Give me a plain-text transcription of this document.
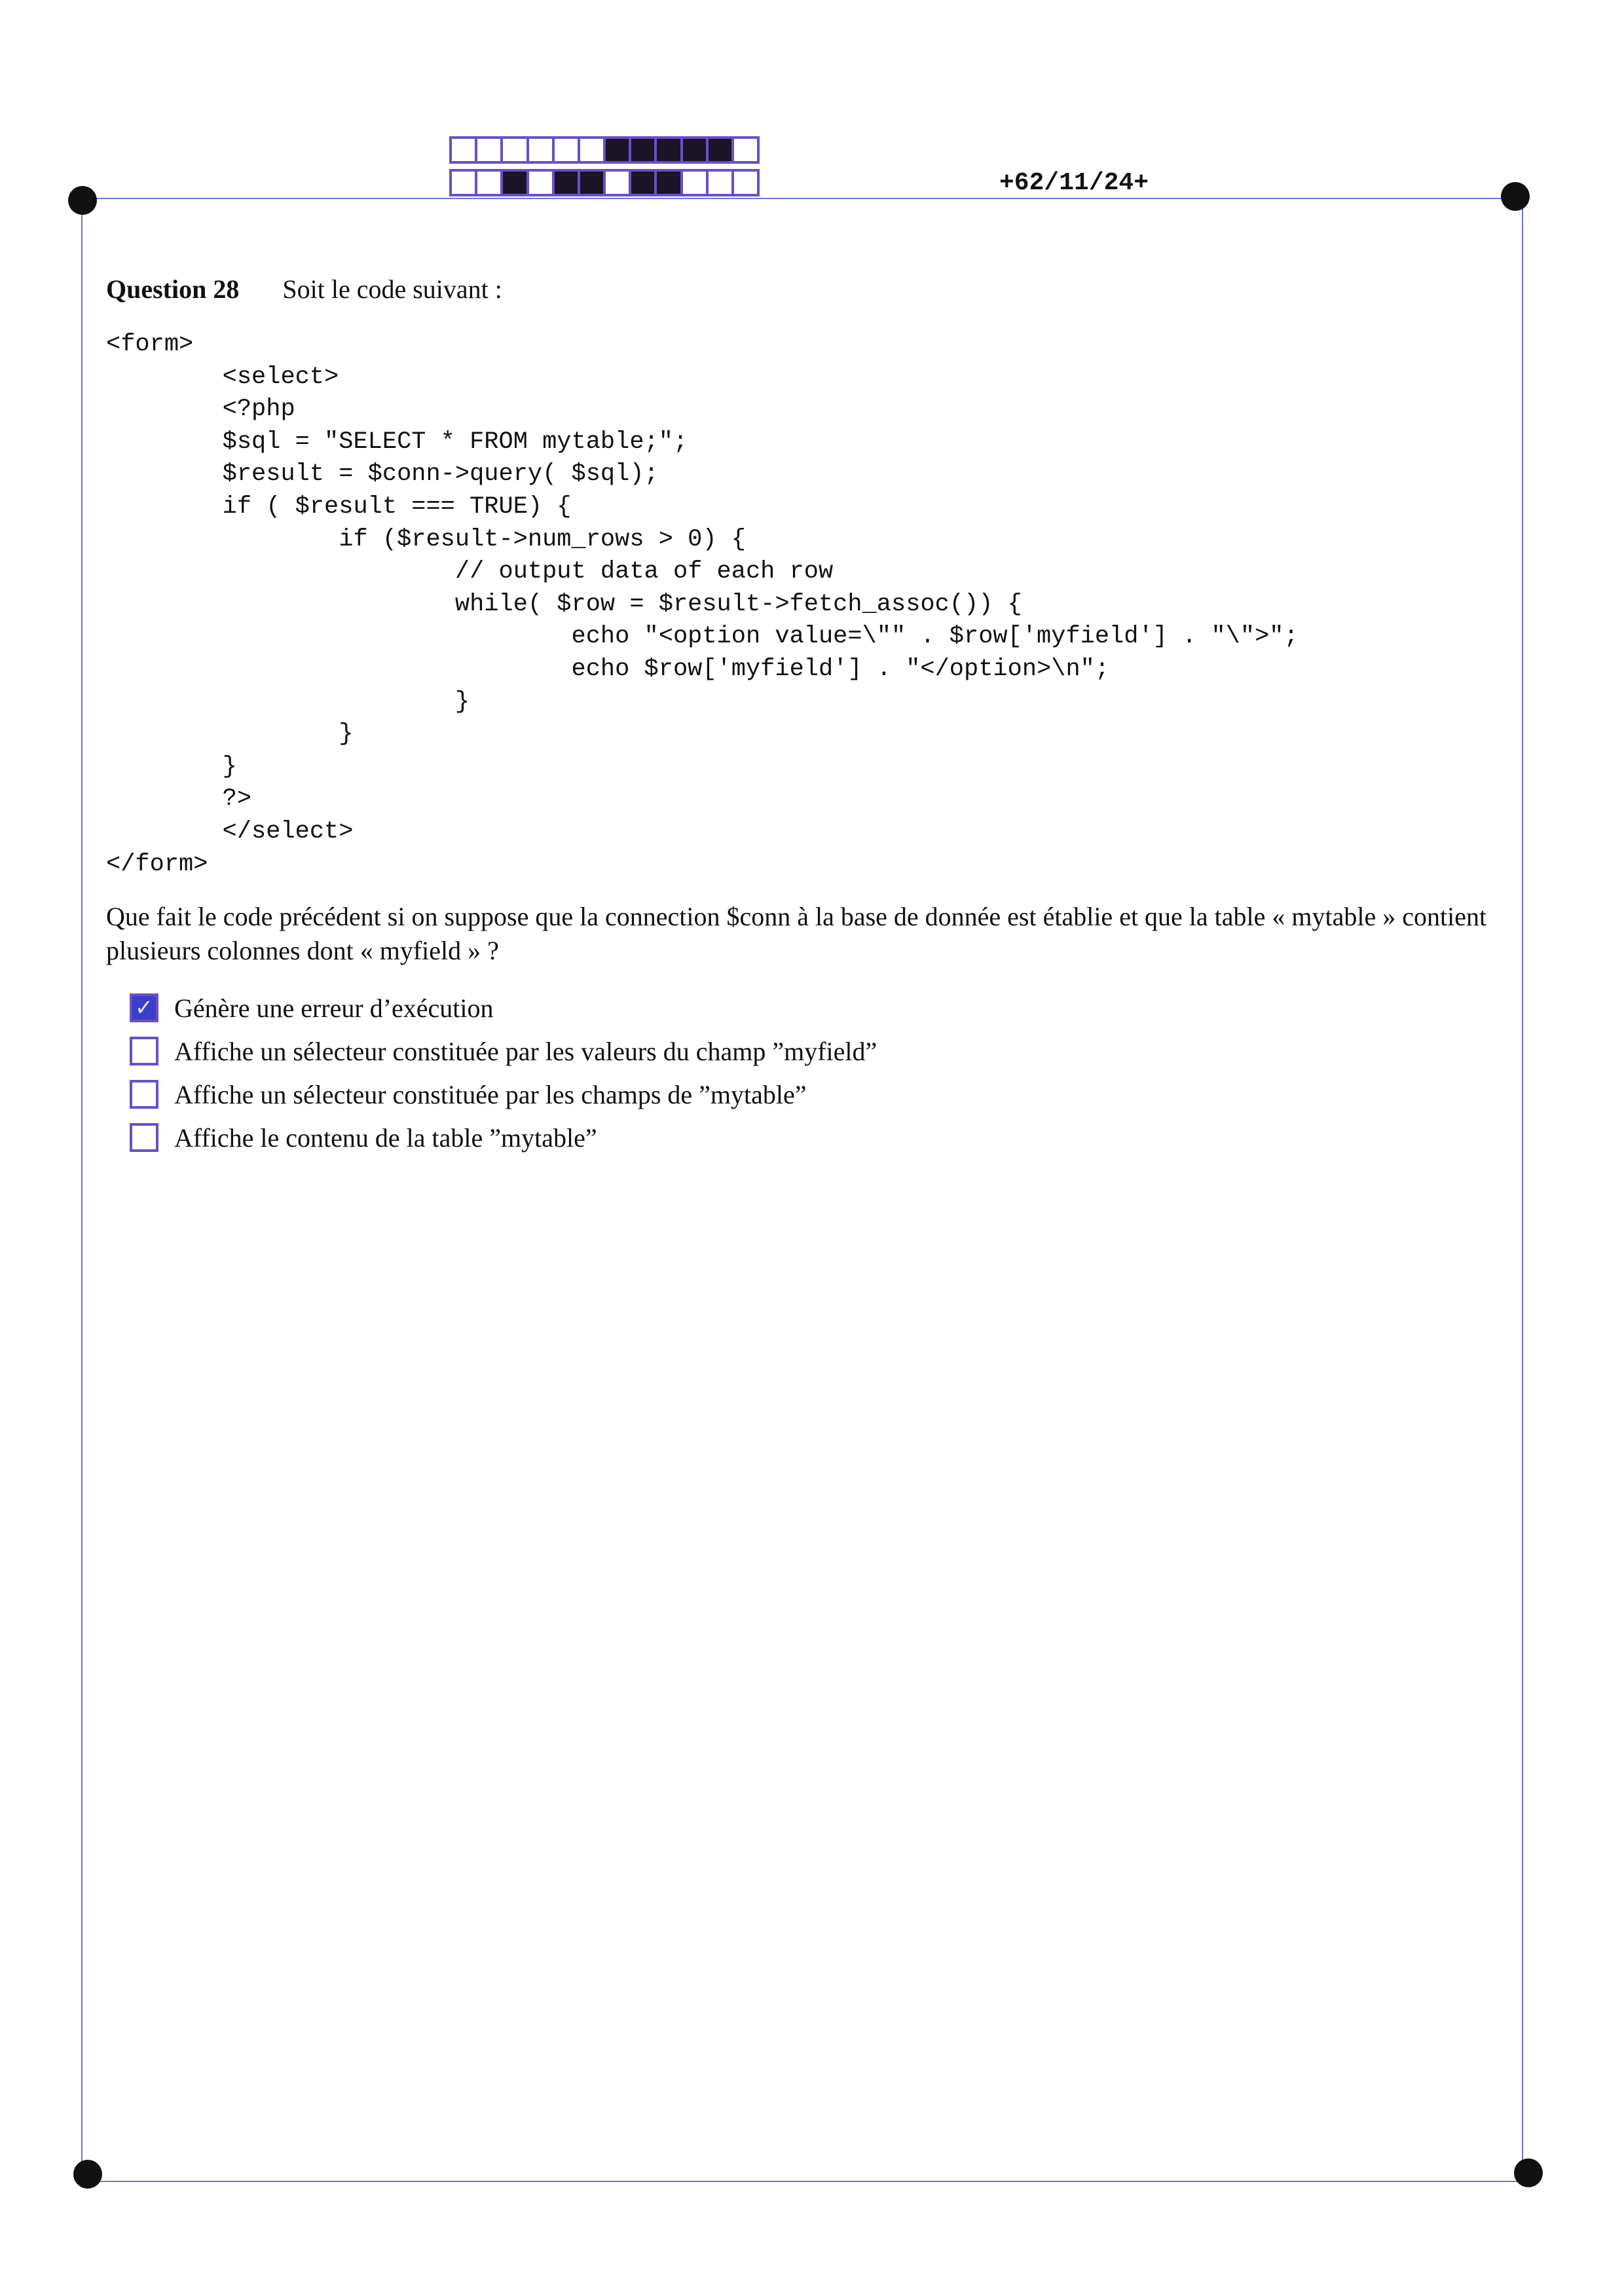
+62/11/24+
Question 28 Soit le code suivant :
<form>
<select>
<?php
$sql = "SELECT * FROM mytable;";
$result = $conn->query( $sql);
if ( $result === TRUE) {
if ($result->num_rows > 0) {
// output data of each row
while( $row = $result->fetch_assoc()) {
echo "<option value=\"" . $row['myfield'] . "\">";
echo $row['myfield'] . "</option>\n";
}
}
}
?>
</select>
</form>
Que fait le code précédent si on suppose que la connection $conn à la base de donnée est établie et que la table « mytable » contient plusieurs colonnes dont « myfield » ?
✓ Génère une erreur d’exécution
Affiche un sélecteur constituée par les valeurs du champ ”myfield”
Affiche un sélecteur constituée par les champs de ”mytable”
Affiche le contenu de la table ”mytable”
